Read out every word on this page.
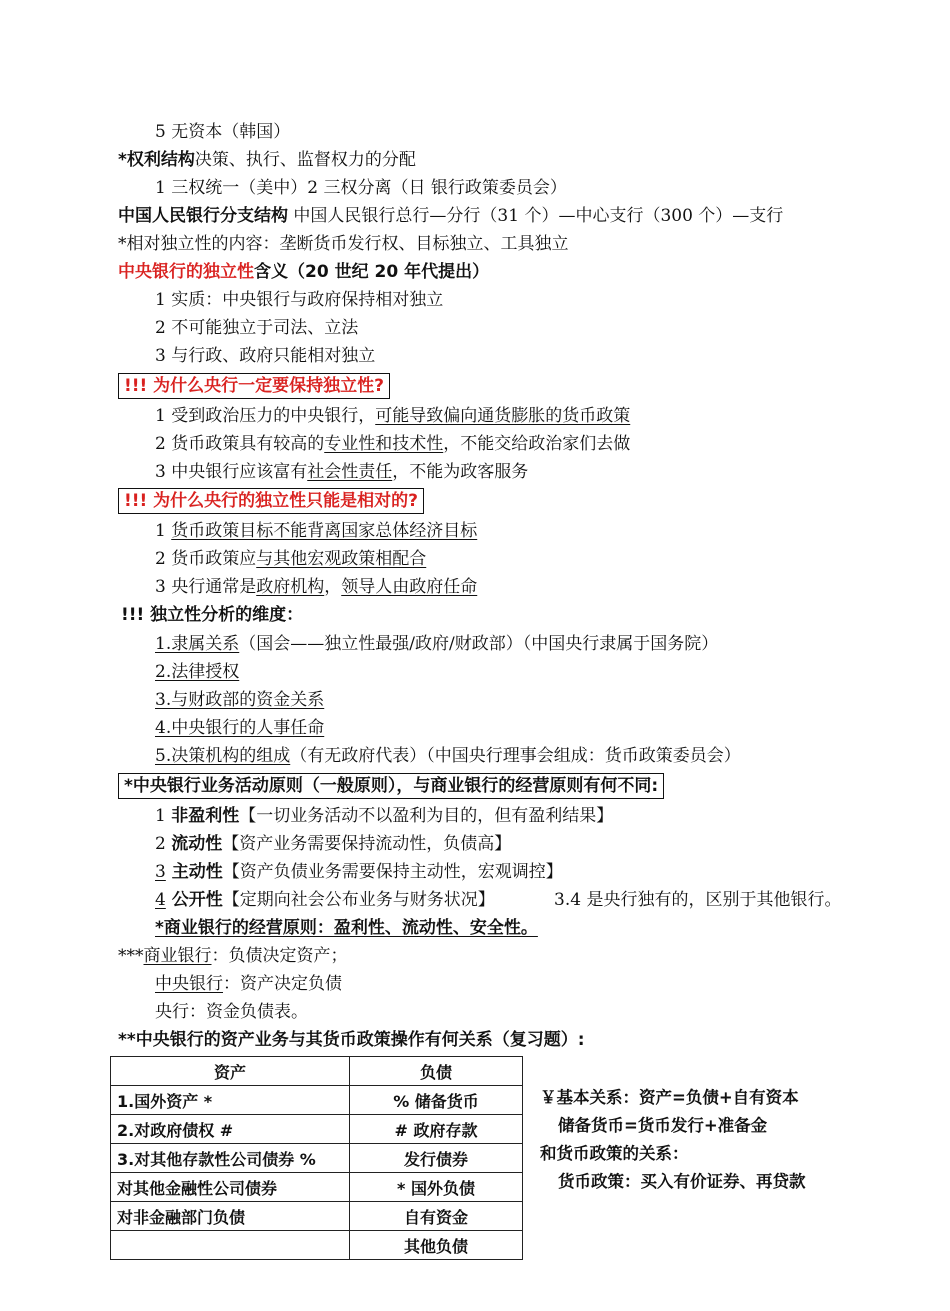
5 无资本（韩国）
*权利结构决策、执行、监督权力的分配
1 三权统一（美中）2 三权分离（日 银行政策委员会）
中国人民银行分支结构 中国人民银行总行—分行（31 个）—中心支行（300 个）—支行
*相对独立性的内容：垄断货币发行权、目标独立、工具独立
中央银行的独立性含义（20 世纪 20 年代提出）
1 实质：中央银行与政府保持相对独立
2 不可能独立于司法、立法
3 与行政、政府只能相对独立
!!! 为什么央行一定要保持独立性?
1 受到政治压力的中央银行，可能导致偏向通货膨胀的货币政策
2 货币政策具有较高的专业性和技术性，不能交给政治家们去做
3 中央银行应该富有社会性责任，不能为政客服务
!!! 为什么央行的独立性只能是相对的?
1 货币政策目标不能背离国家总体经济目标
2 货币政策应与其他宏观政策相配合
3 央行通常是政府机构，领导人由政府任命
!!! 独立性分析的维度：
1.隶属关系（国会——独立性最强/政府/财政部）（中国央行隶属于国务院）
2.法律授权
3.与财政部的资金关系
4.中央银行的人事任命
5.决策机构的组成（有无政府代表）（中国央行理事会组成：货币政策委员会）
*中央银行业务活动原则（一般原则），与商业银行的经营原则有何不同:
1 非盈利性【一切业务活动不以盈利为目的，但有盈利结果】
2 流动性【资产业务需要保持流动性，负债高】
3 主动性【资产负债业务需要保持主动性，宏观调控】
4 公开性【定期向社会公布业务与财务状况】	3.4 是央行独有的，区别于其他银行。
*商业银行的经营原则：盈利性、流动性、安全性。
***商业银行：负债决定资产；
中央银行：资产决定负债
央行：资金负债表。
**中央银行的资产业务与其货币政策操作有何关系（复习题）:
资产	负债
1.国外资产 *	% 储备货币
2.对政府债权 #	# 政府存款
3.对其他存款性公司债券 %	发行债券
对其他金融性公司债券	* 国外负债
对非金融部门负债	自有资金
	其他负债
￥基本关系：资产=负债+自有资本
储备货币=货币发行+准备金
和货币政策的关系：
货币政策：买入有价证券、再贷款
